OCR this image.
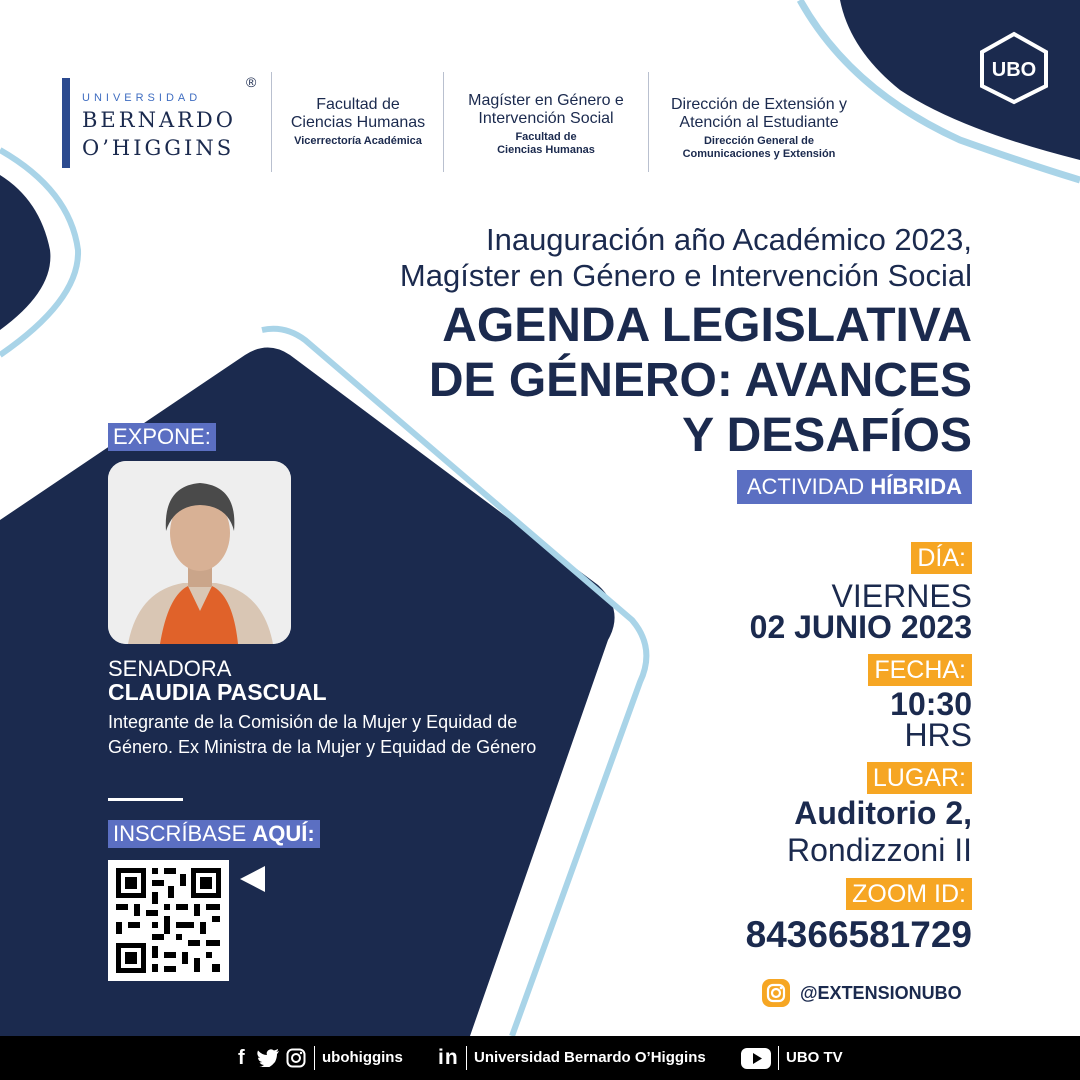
UNIVERSIDAD
BERNARDO
O’HIGGINS
®
Facultad de
Ciencias Humanas
Vicerrectoría Académica
Magíster en Género e
Intervención Social
Facultad de
Ciencias Humanas
Dirección de Extensión y
Atención al Estudiante
Dirección General de
Comunicaciones y Extensión
UBO
Inauguración año Académico 2023,
Magíster en Género e Intervención Social
AGENDA LEGISLATIVA
DE GÉNERO: AVANCES
Y DESAFÍOS
ACTIVIDAD HÍBRIDA
EXPONE:
SENADORA
CLAUDIA PASCUAL
Integrante de la Comisión de la Mujer y Equidad de Género. Ex Ministra de la Mujer y Equidad de Género
INSCRÍBASE AQUÍ:
DÍA:
VIERNES
02 JUNIO 2023
FECHA:
10:30
HRS
LUGAR:
Auditorio 2,
Rondizzoni II
ZOOM ID:
84366581729
@EXTENSIONUBO
f	ubohiggins in Universidad Bernardo O’Higgins	UBO TV
